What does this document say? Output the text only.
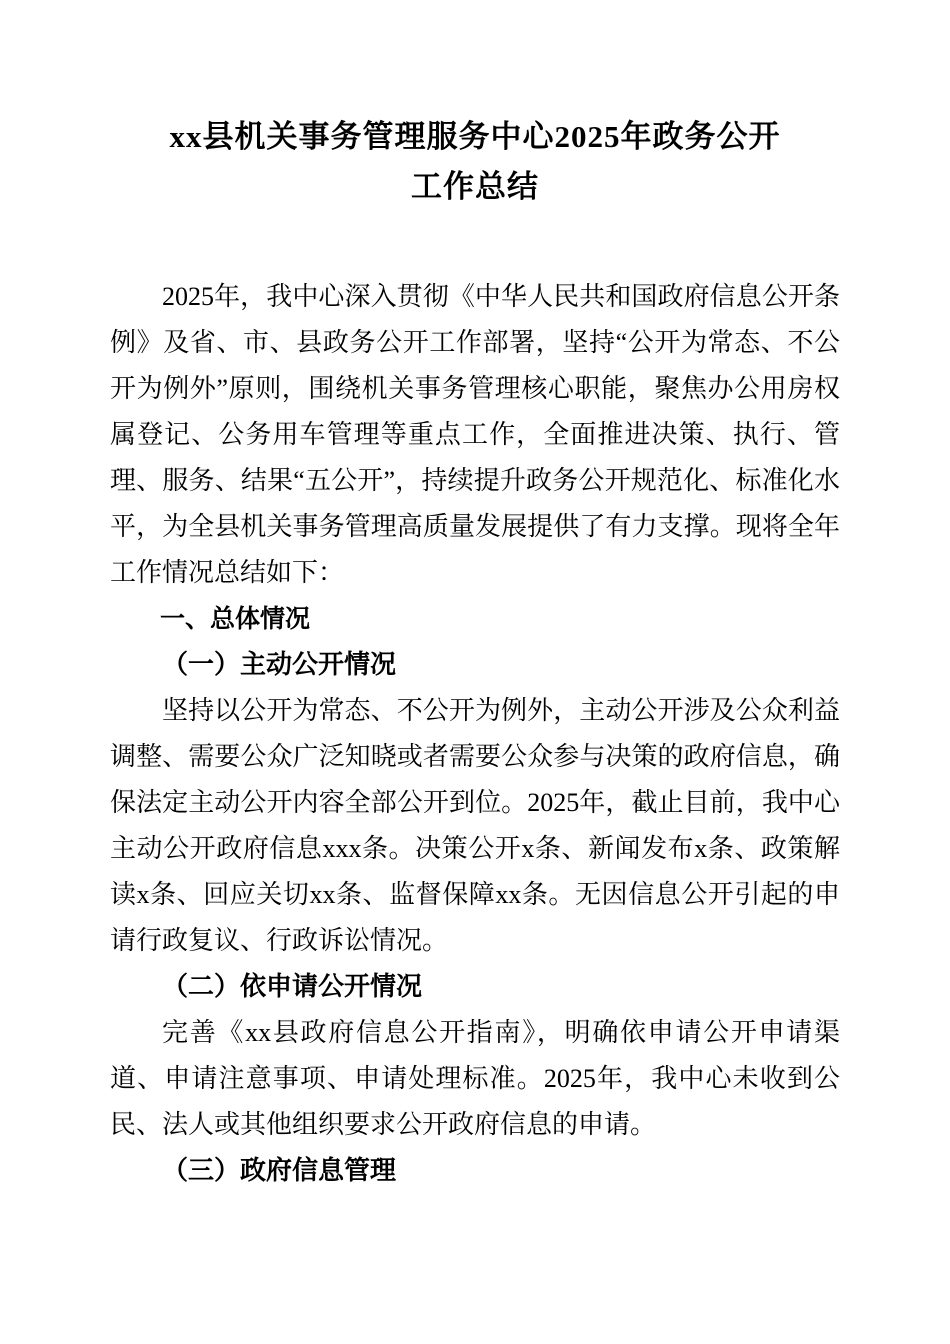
xx县机关事务管理服务中心2025年政务公开
工作总结

2025年，我中心深入贯彻《中华人民共和国政府信息公开条例》及省、市、县政务公开工作部署，坚持“公开为常态、不公开为例外”原则，围绕机关事务管理核心职能，聚焦办公用房权属登记、公务用车管理等重点工作，全面推进决策、执行、管理、服务、结果“五公开”，持续提升政务公开规范化、标准化水平，为全县机关事务管理高质量发展提供了有力支撑。现将全年工作情况总结如下：

一、总体情况
（一）主动公开情况

坚持以公开为常态、不公开为例外，主动公开涉及公众利益调整、需要公众广泛知晓或者需要公众参与决策的政府信息，确保法定主动公开内容全部公开到位。2025年，截止目前，我中心主动公开政府信息xxx条。决策公开x条、新闻发布x条、政策解读x条、回应关切xx条、监督保障xx条。无因信息公开引起的申请行政复议、行政诉讼情况。

（二）依申请公开情况

完善《xx县政府信息公开指南》，明确依申请公开申请渠道、申请注意事项、申请处理标准。2025年，我中心未收到公民、法人或其他组织要求公开政府信息的申请。

（三）政府信息管理
